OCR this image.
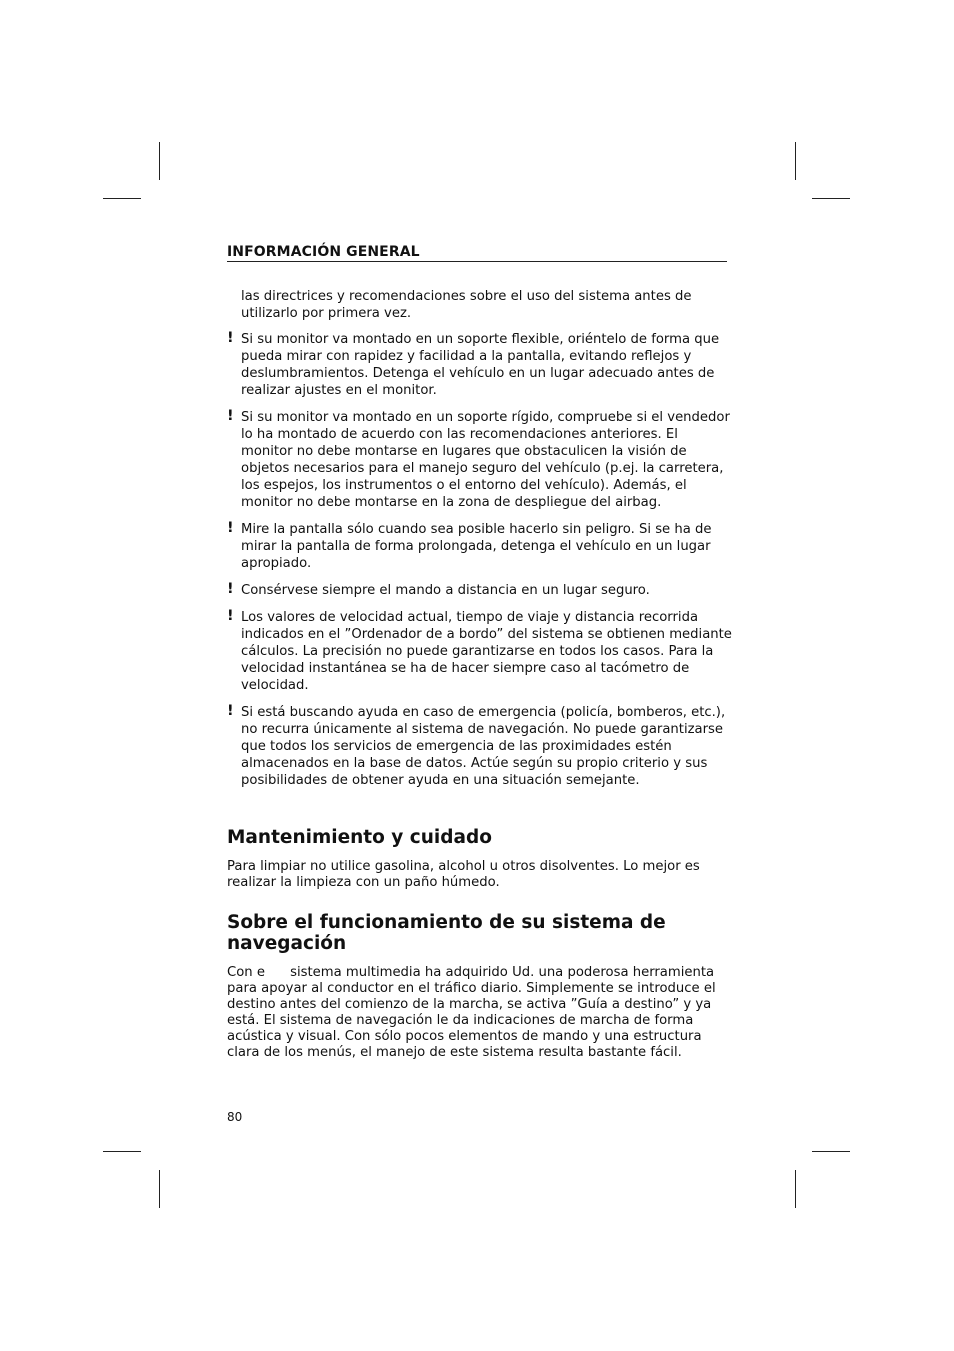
INFORMACIÓN GENERAL
las directrices y recomendaciones sobre el uso del sistema antes de utilizarlo por primera vez.
! Si su monitor va montado en un soporte flexible, oriéntelo de forma que pueda mirar con rapidez y facilidad a la pantalla, evitando reflejos y deslumbramientos. Detenga el vehículo en un lugar adecuado antes de realizar ajustes en el monitor.
! Si su monitor va montado en un soporte rígido, compruebe si el vendedor lo ha montado de acuerdo con las recomendaciones anteriores. El monitor no debe montarse en lugares que obstaculicen la visión de objetos necesarios para el manejo seguro del vehículo (p.ej. la carretera, los espejos, los instrumentos o el entorno del vehículo). Además, el monitor no debe montarse en la zona de despliegue del airbag.
! Mire la pantalla sólo cuando sea posible hacerlo sin peligro. Si se ha de mirar la pantalla de forma prolongada, detenga el vehículo en un lugar apropiado.
! Consérvese siempre el mando a distancia en un lugar seguro.
! Los valores de velocidad actual, tiempo de viaje y distancia recorrida indicados en el ”Ordenador de a bordo” del sistema se obtienen mediante cálculos. La precisión no puede garantizarse en todos los casos. Para la velocidad instantánea se ha de hacer siempre caso al tacómetro de velocidad.
! Si está buscando ayuda en caso de emergencia (policía, bomberos, etc.), no recurra únicamente al sistema de navegación. No puede garantizarse que todos los servicios de emergencia de las proximidades estén almacenados en la base de datos. Actúe según su propio criterio y sus posibilidades de obtener ayuda en una situación semejante.
Mantenimiento y cuidado
Para limpiar no utilice gasolina, alcohol u otros disolventes. Lo mejor es realizar la limpieza con un paño húmedo.
Sobre el funcionamiento de su sistema de navegación
Con e      sistema multimedia ha adquirido Ud. una poderosa herramienta para apoyar al conductor en el tráfico diario. Simplemente se introduce el destino antes del comienzo de la marcha, se activa ”Guía a destino” y ya está. El sistema de navegación le da indicaciones de marcha de forma acústica y visual. Con sólo pocos elementos de mando y una estructura clara de los menús, el manejo de este sistema resulta bastante fácil.
80
